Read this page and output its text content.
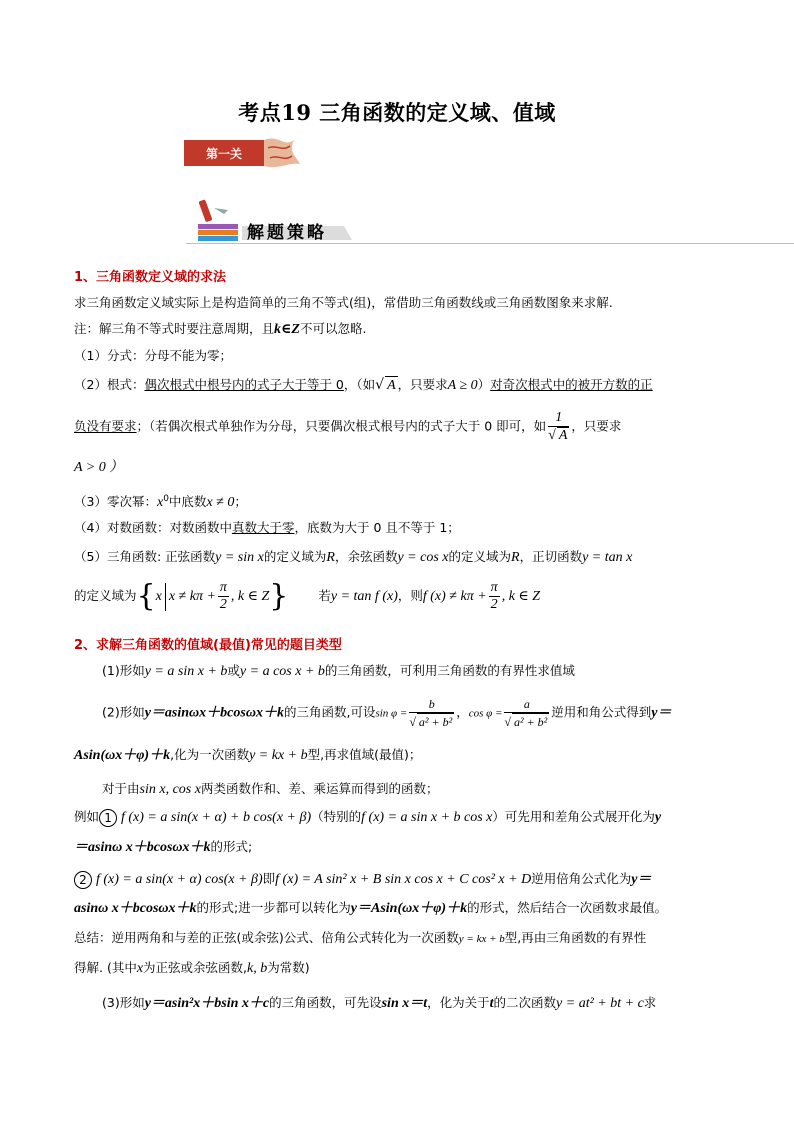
考点19 三角函数的定义域、值域
第一关
解题策略
1、三角函数定义域的求法
求三角函数定义域实际上是构造简单的三角不等式(组)，常借助三角函数线或三角函数图象来求解.
注：解三角不等式时要注意周期，且k∈Z不可以忽略.
（1）分式：分母不能为零；
（2）根式：偶次根式中根号内的式子大于等于 0，（如√ A ，只要求A ≥ 0）对奇次根式中的被开方数的正
负没有要求；（若偶次根式单独作为分母，只要偶次根式根号内的式子大于 0 即可，如 $\frac{1}{√ A}$ ，只要求
A > 0 ）
（3）零次幂：$x^0$中底数x ≠ 0；
（4）对数函数：对数函数中真数大于零，底数为大于 0 且不等于 1；
（5）三角函数: 正弦函数y = sin x的定义域为R，余弦函数y = cos x的定义域为R，正切函数y = tan x
的定义域为{x $x \ne k\pi + \frac{\pi}{2}$ , k ∈ Z} 若y = tan f (x)，则f $(x) \ne k\pi + \frac{\pi}{2}$ , k ∈ Z
2、求解三角函数的值域(最值)常见的题目类型
(1)形如y = a sin x + b或y = a cos x + b的三角函数，可利用三角函数的有界性求值域
(2)形如y＝asinωx＋bcosωx＋k的三角函数,可设$\sin \varphi = \frac{b}{\text{√ a² + b²}}$ ，$\cos \varphi = \frac{a}{\text{√ a² + b²}}$ 逆用和角公式得到y＝
Asin(ωx＋φ)＋k,化为一次函数y = kx + b型,再求值域(最值)；
对于由sin x, cos x两类函数作和、差、乘运算而得到的函数；
例如 1 f (x) = a sin(x + α) + b cos(x + β)（特别的f (x) = a sin x + b cos x）可先用和差角公式展开化为y
＝asinω x＋bcosωx＋k的形式;
2 f (x) = a sin(x + α) cos(x + β)即f (x) = A sin² x + B sin x cos x + C cos² x + D逆用倍角公式化为y＝
asinω x＋bcosωx＋k的形式;进一步都可以转化为y＝Asin(ωx＋φ)＋k的形式，然后结合一次函数求最值。
总结：逆用两角和与差的正弦(或余弦)公式、倍角公式转化为一次函数y = kx + b型,再由三角函数的有界性
得解. (其中x为正弦或余弦函数,k, b为常数)
(3)形如y＝asin²x＋bsin x＋c的三角函数，可先设sin x＝t，化为关于t的二次函数y = at² + bt + c求
